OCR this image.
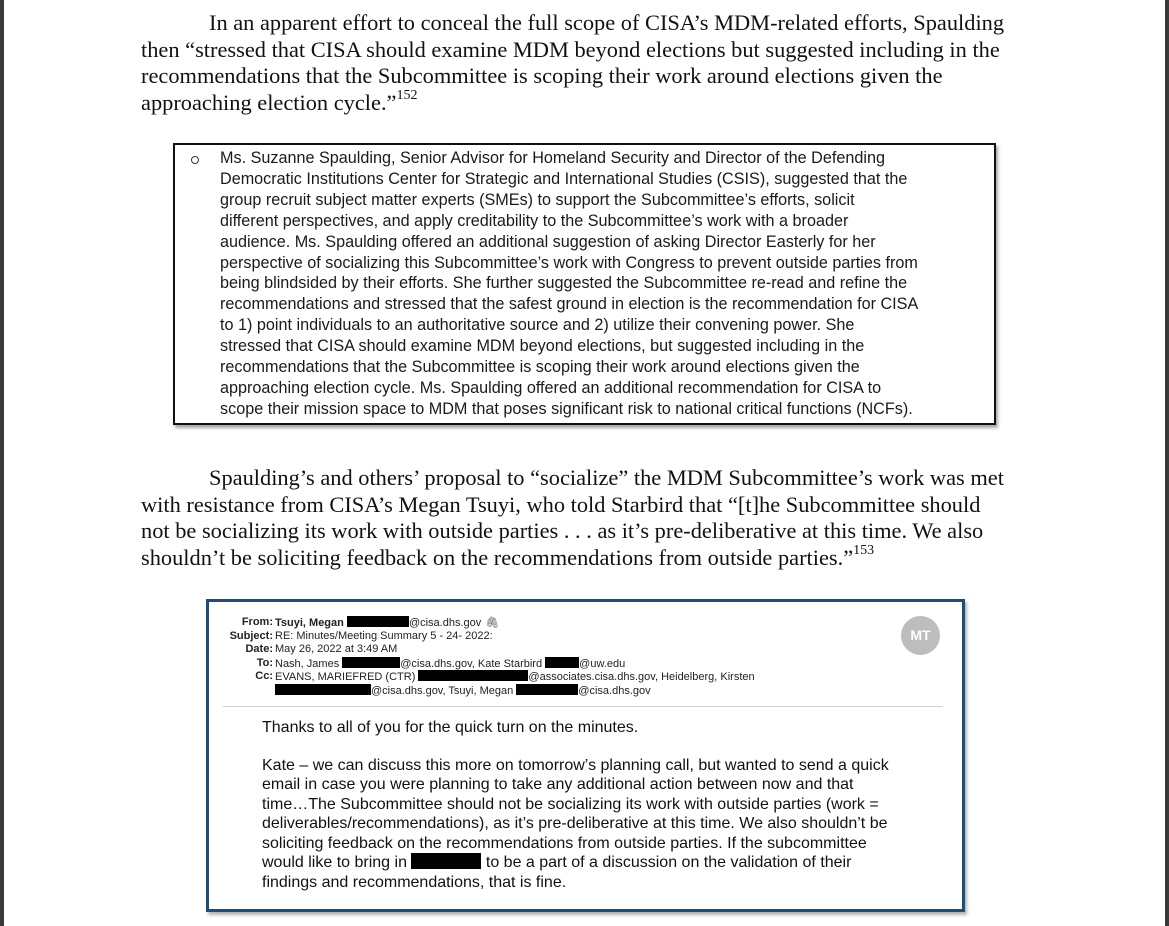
In an apparent effort to conceal the full scope of CISA’s MDM-related efforts, Spaulding
then “stressed that CISA should examine MDM beyond elections but suggested including in the
recommendations that the Subcommittee is scoping their work around elections given the
approaching election cycle.”$^{152}$
Ms. Suzanne Spaulding, Senior Advisor for Homeland Security and Director of the Defending
Democratic Institutions Center for Strategic and International Studies (CSIS), suggested that the
group recruit subject matter experts (SMEs) to support the Subcommittee’s efforts, solicit
different perspectives, and apply creditability to the Subcommittee’s work with a broader
audience. Ms. Spaulding offered an additional suggestion of asking Director Easterly for her
perspective of socializing this Subcommittee’s work with Congress to prevent outside parties from
being blindsided by their efforts. She further suggested the Subcommittee re-read and refine the
recommendations and stressed that the safest ground in election is the recommendation for CISA
to 1) point individuals to an authoritative source and 2) utilize their convening power. She
stressed that CISA should examine MDM beyond elections, but suggested including in the
recommendations that the Subcommittee is scoping their work around elections given the
approaching election cycle. Ms. Spaulding offered an additional recommendation for CISA to
scope their mission space to MDM that poses significant risk to national critical functions (NCFs).
Spaulding’s and others’ proposal to “socialize” the MDM Subcommittee’s work was met
with resistance from CISA’s Megan Tsuyi, who told Starbird that “[t]he Subcommittee should
not be socializing its work with outside parties . . . as it’s pre-deliberative at this time. We also
shouldn’t be soliciting feedback on the recommendations from outside parties.”$^{153}$
From: Tsuyi, Megan	@cisa.dhs.gov 🖇
Subject: RE: Minutes/Meeting Summary 5 - 24- 2022:
Date: May 26, 2022 at 3:49 AM
To: Nash, James	@cisa.dhs.gov, Kate Starbird	@uw.edu
Cc: EVANS, MARIEFRED (CTR)	@associates.cisa.dhs.gov, Heidelberg, Kirsten
@cisa.dhs.gov, Tsuyi, Megan	@cisa.dhs.gov
MT
Thanks to all of you for the quick turn on the minutes.
Kate – we can discuss this more on tomorrow’s planning call, but wanted to send a quick
email in case you were planning to take any additional action between now and that
time…The Subcommittee should not be socializing its work with outside parties (work =
deliverables/recommendations), as it’s pre-deliberative at this time. We also shouldn’t be
soliciting feedback on the recommendations from outside parties. If the subcommittee
would like to bring in	to be a part of a discussion on the validation of their
findings and recommendations, that is fine.
